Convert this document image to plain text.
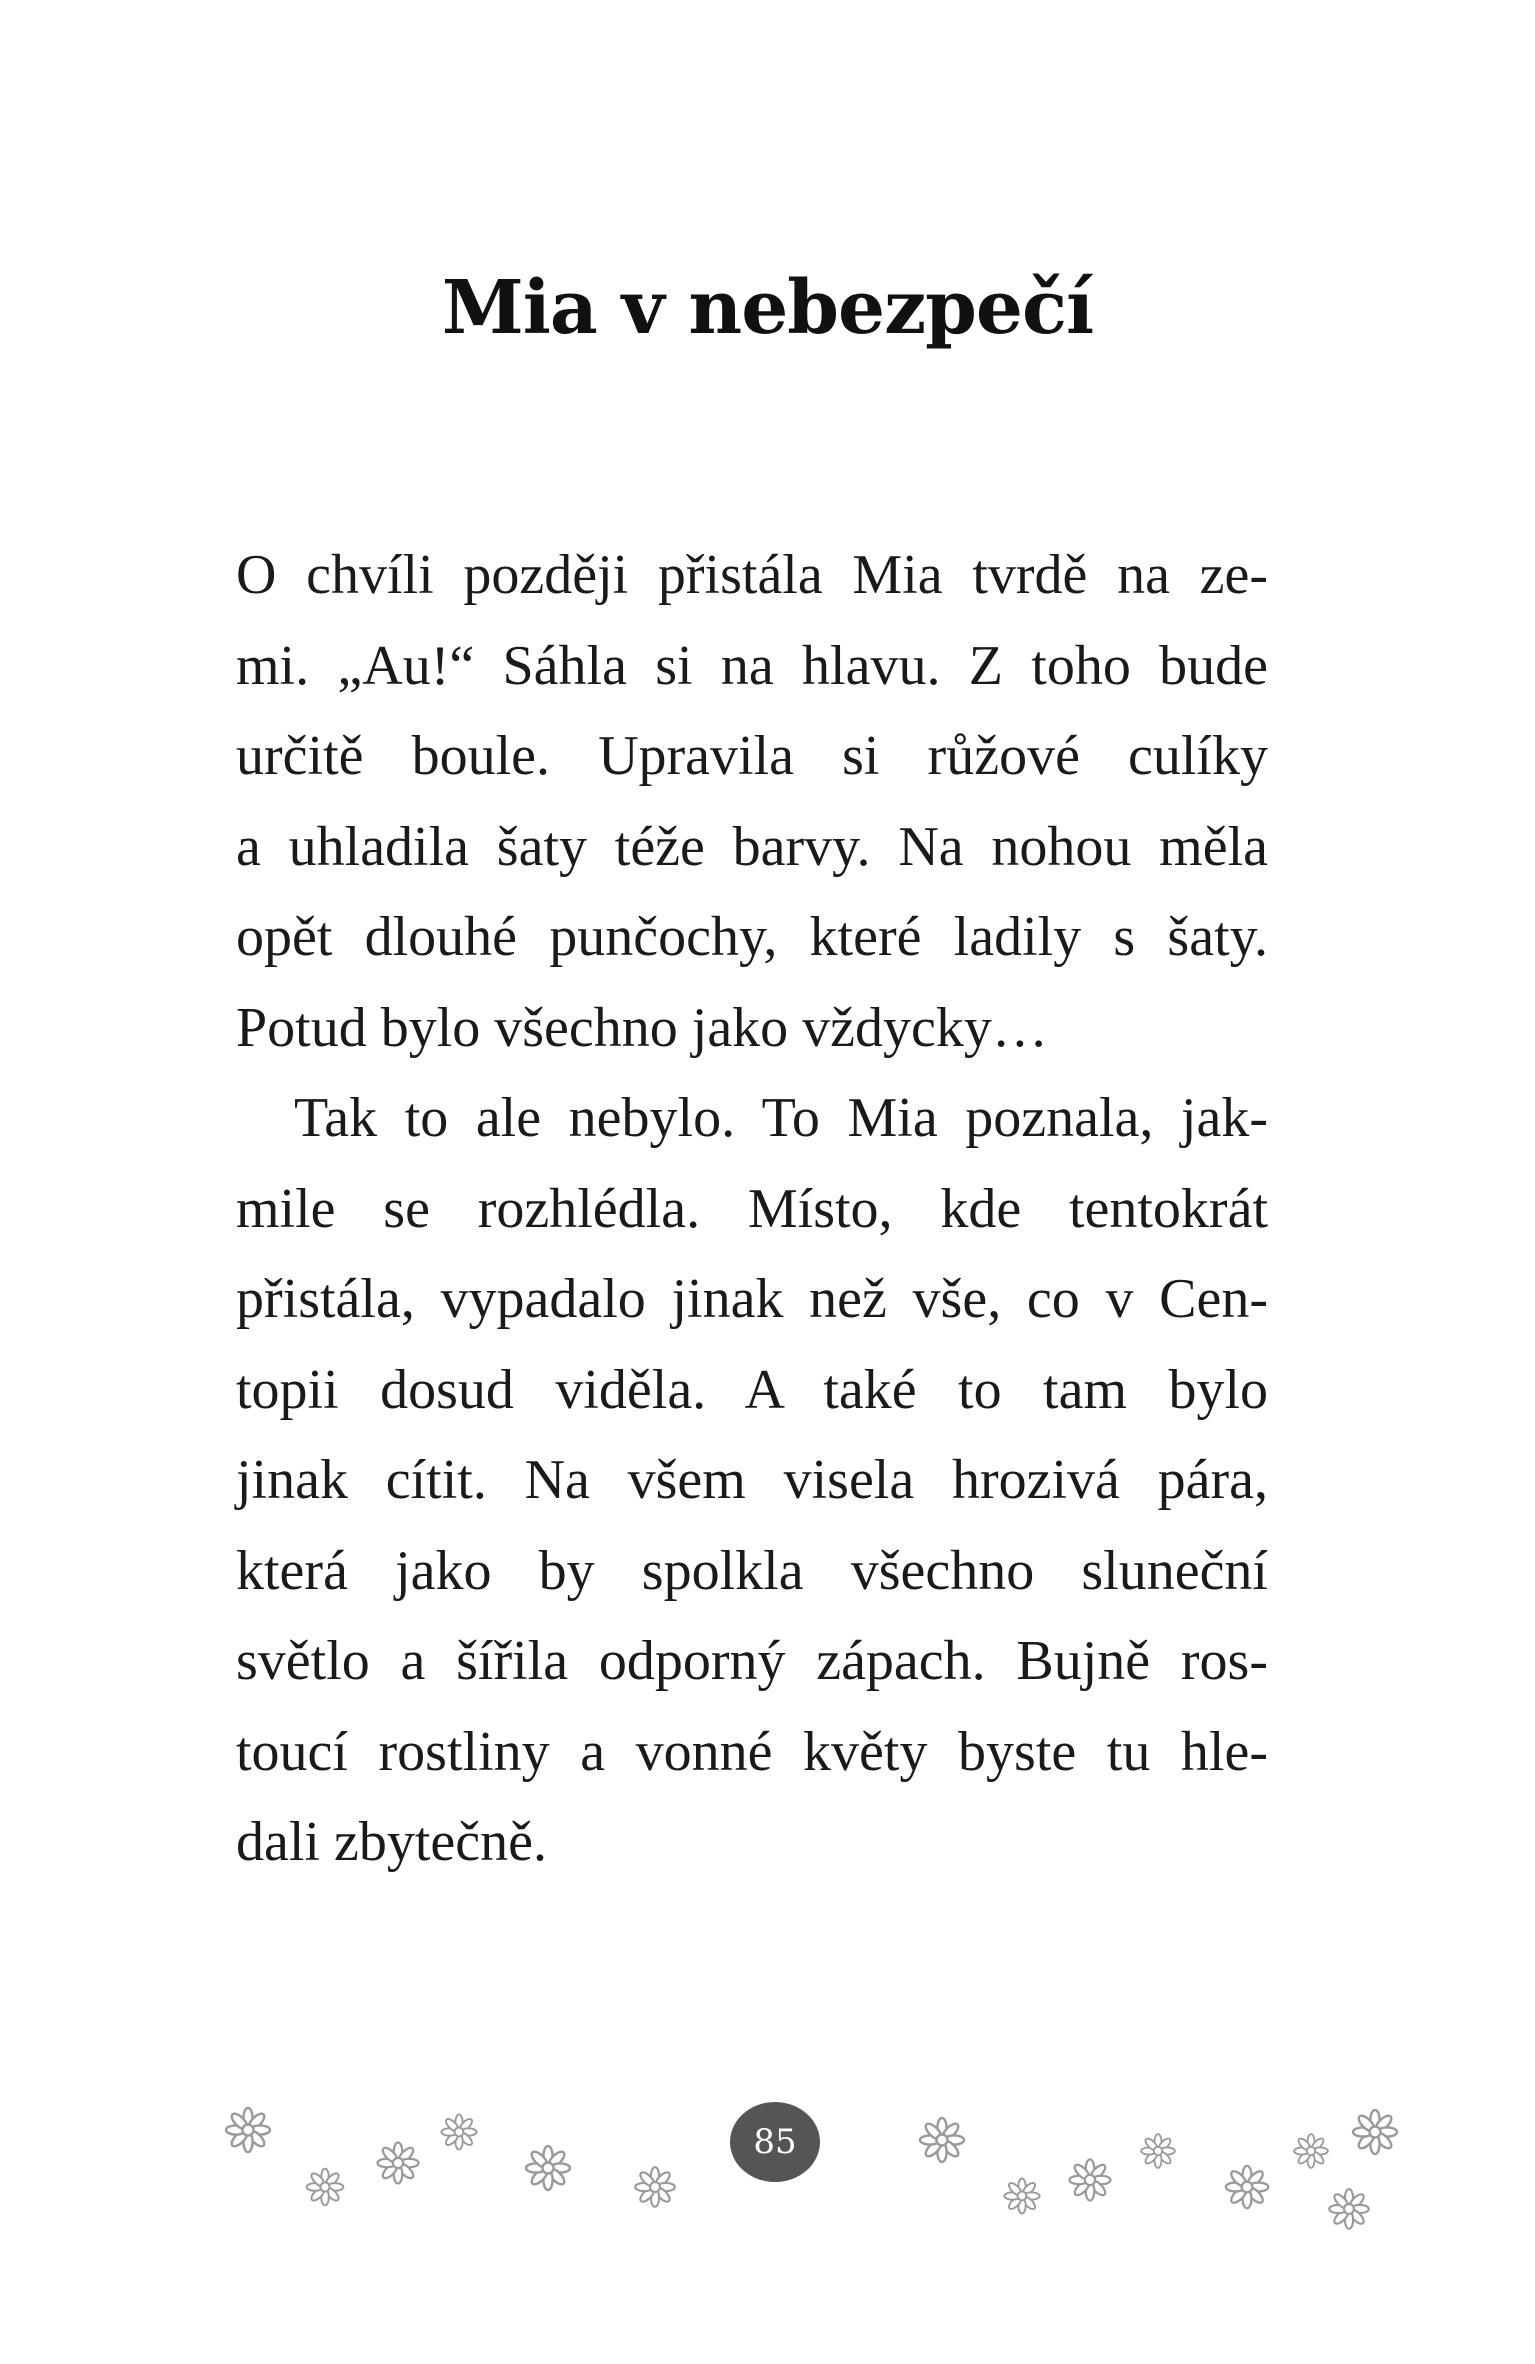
Mia v nebezpečí
O chvíli později přistála Mia tvrdě na ze-
mi. „Au!“ Sáhla si na hlavu. Z toho bude
určitě boule. Upravila si růžové culíky
a uhladila šaty téže barvy. Na nohou měla
opět dlouhé punčochy, které ladily s šaty.
Potud bylo všechno jako vždycky…
Tak to ale nebylo. To Mia poznala, jak-
mile se rozhlédla. Místo, kde tentokrát
přistála, vypadalo jinak než vše, co v Cen-
topii dosud viděla. A také to tam bylo
jinak cítit. Na všem visela hrozivá pára,
která jako by spolkla všechno sluneční
světlo a šířila odporný zápach. Bujně ros-
toucí rostliny a vonné květy byste tu hle-
dali zbytečně.
85
